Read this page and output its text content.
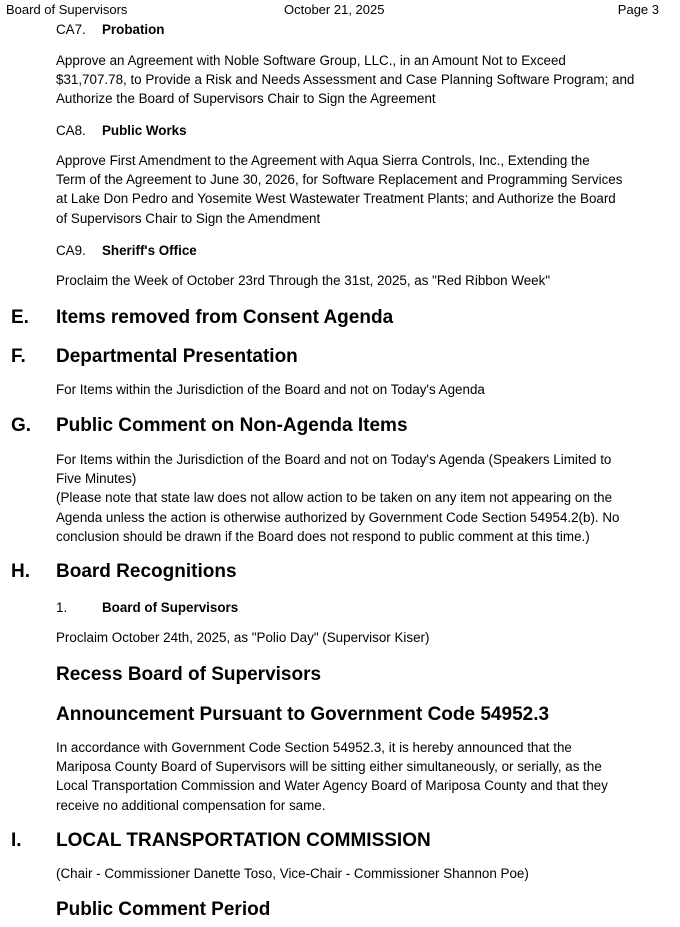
Board of Supervisors	October 21, 2025	Page 3
CA7. Probation
Approve an Agreement with Noble Software Group, LLC., in an Amount Not to Exceed
$31,707.78, to Provide a Risk and Needs Assessment and Case Planning Software Program; and
Authorize the Board of Supervisors Chair to Sign the Agreement
CA8. Public Works
Approve First Amendment to the Agreement with Aqua Sierra Controls, Inc., Extending the
Term of the Agreement to June 30, 2026, for Software Replacement and Programming Services
at Lake Don Pedro and Yosemite West Wastewater Treatment Plants; and Authorize the Board
of Supervisors Chair to Sign the Amendment
CA9. Sheriff's Office
Proclaim the Week of October 23rd Through the 31st, 2025, as "Red Ribbon Week"
E. Items removed from Consent Agenda
F. Departmental Presentation
For Items within the Jurisdiction of the Board and not on Today's Agenda
G. Public Comment on Non-Agenda Items
For Items within the Jurisdiction of the Board and not on Today's Agenda (Speakers Limited to
Five Minutes)
(Please note that state law does not allow action to be taken on any item not appearing on the
Agenda unless the action is otherwise authorized by Government Code Section 54954.2(b). No
conclusion should be drawn if the Board does not respond to public comment at this time.)
H. Board Recognitions
1.	Board of Supervisors
Proclaim October 24th, 2025, as "Polio Day" (Supervisor Kiser)
Recess Board of Supervisors
Announcement Pursuant to Government Code 54952.3
In accordance with Government Code Section 54952.3, it is hereby announced that the
Mariposa County Board of Supervisors will be sitting either simultaneously, or serially, as the
Local Transportation Commission and Water Agency Board of Mariposa County and that they
receive no additional compensation for same.
I. LOCAL TRANSPORTATION COMMISSION
(Chair - Commissioner Danette Toso, Vice-Chair - Commissioner Shannon Poe)
Public Comment Period
